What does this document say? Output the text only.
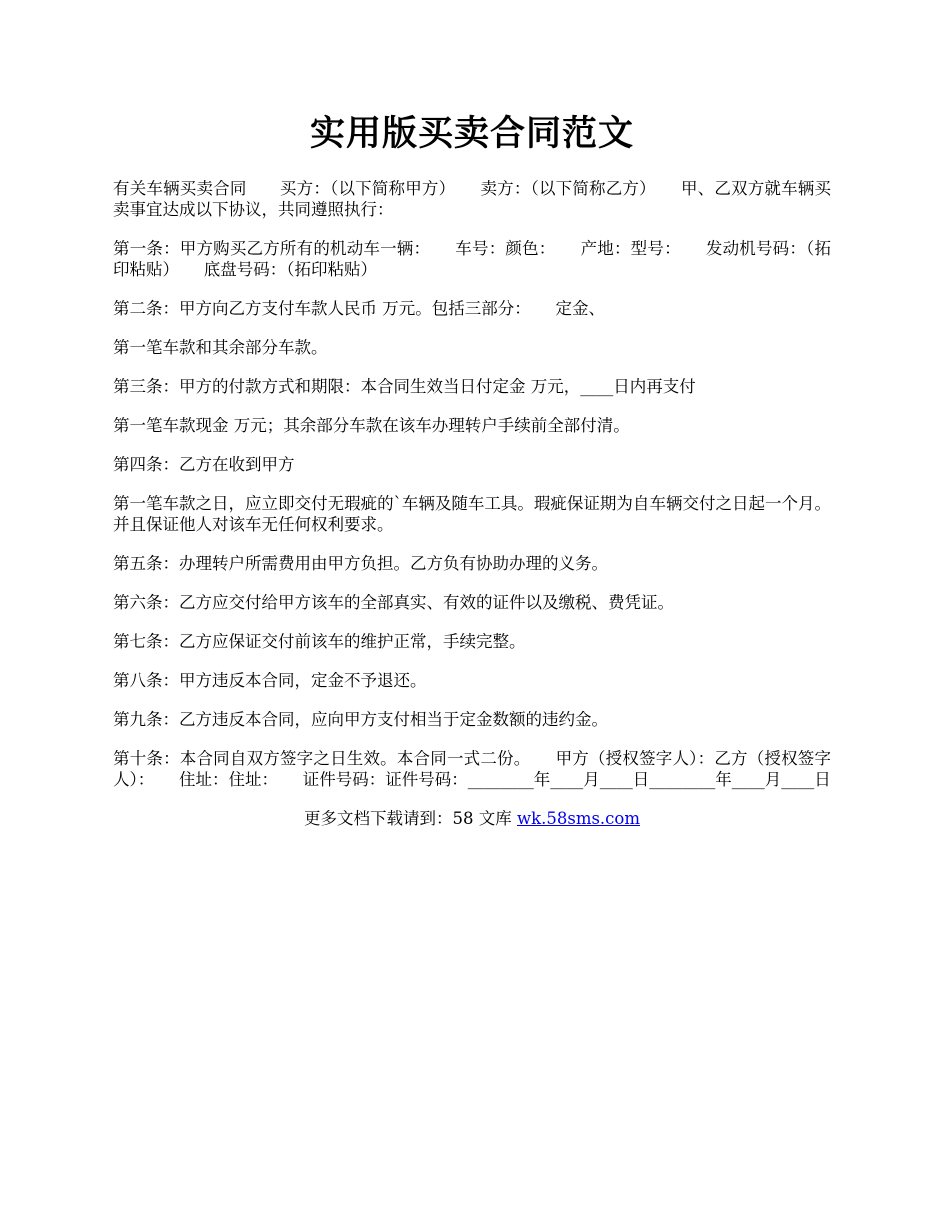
实用版买卖合同范文

有关车辆买卖合同　　买方：（以下简称甲方）　　卖方：（以下简称乙方）　　甲、乙双方就车辆买卖事宜达成以下协议，共同遵照执行：

第一条：甲方购买乙方所有的机动车一辆：　　车号：颜色：　　产地：型号：　　发动机号码：（拓印粘贴）　　底盘号码：（拓印粘贴）

第二条：甲方向乙方支付车款人民币 万元。包括三部分：　　定金、

第一笔车款和其余部分车款。

第三条：甲方的付款方式和期限：本合同生效当日付定金 万元，____日内再支付

第一笔车款现金 万元；其余部分车款在该车办理转户手续前全部付清。

第四条：乙方在收到甲方

第一笔车款之日，应立即交付无瑕疵的`车辆及随车工具。瑕疵保证期为自车辆交付之日起一个月。并且保证他人对该车无任何权利要求。

第五条：办理转户所需费用由甲方负担。乙方负有协助办理的义务。

第六条：乙方应交付给甲方该车的全部真实、有效的证件以及缴税、费凭证。

第七条：乙方应保证交付前该车的维护正常，手续完整。

第八条：甲方违反本合同，定金不予退还。

第九条：乙方违反本合同，应向甲方支付相当于定金数额的违约金。

第十条：本合同自双方签字之日生效。本合同一式二份。　　甲方（授权签字人）：乙方（授权签字人）：　　住址：住址：　　证件号码：证件号码：________年____月____日________年____月____日

更多文档下载请到：58 文库 wk.58sms.com
